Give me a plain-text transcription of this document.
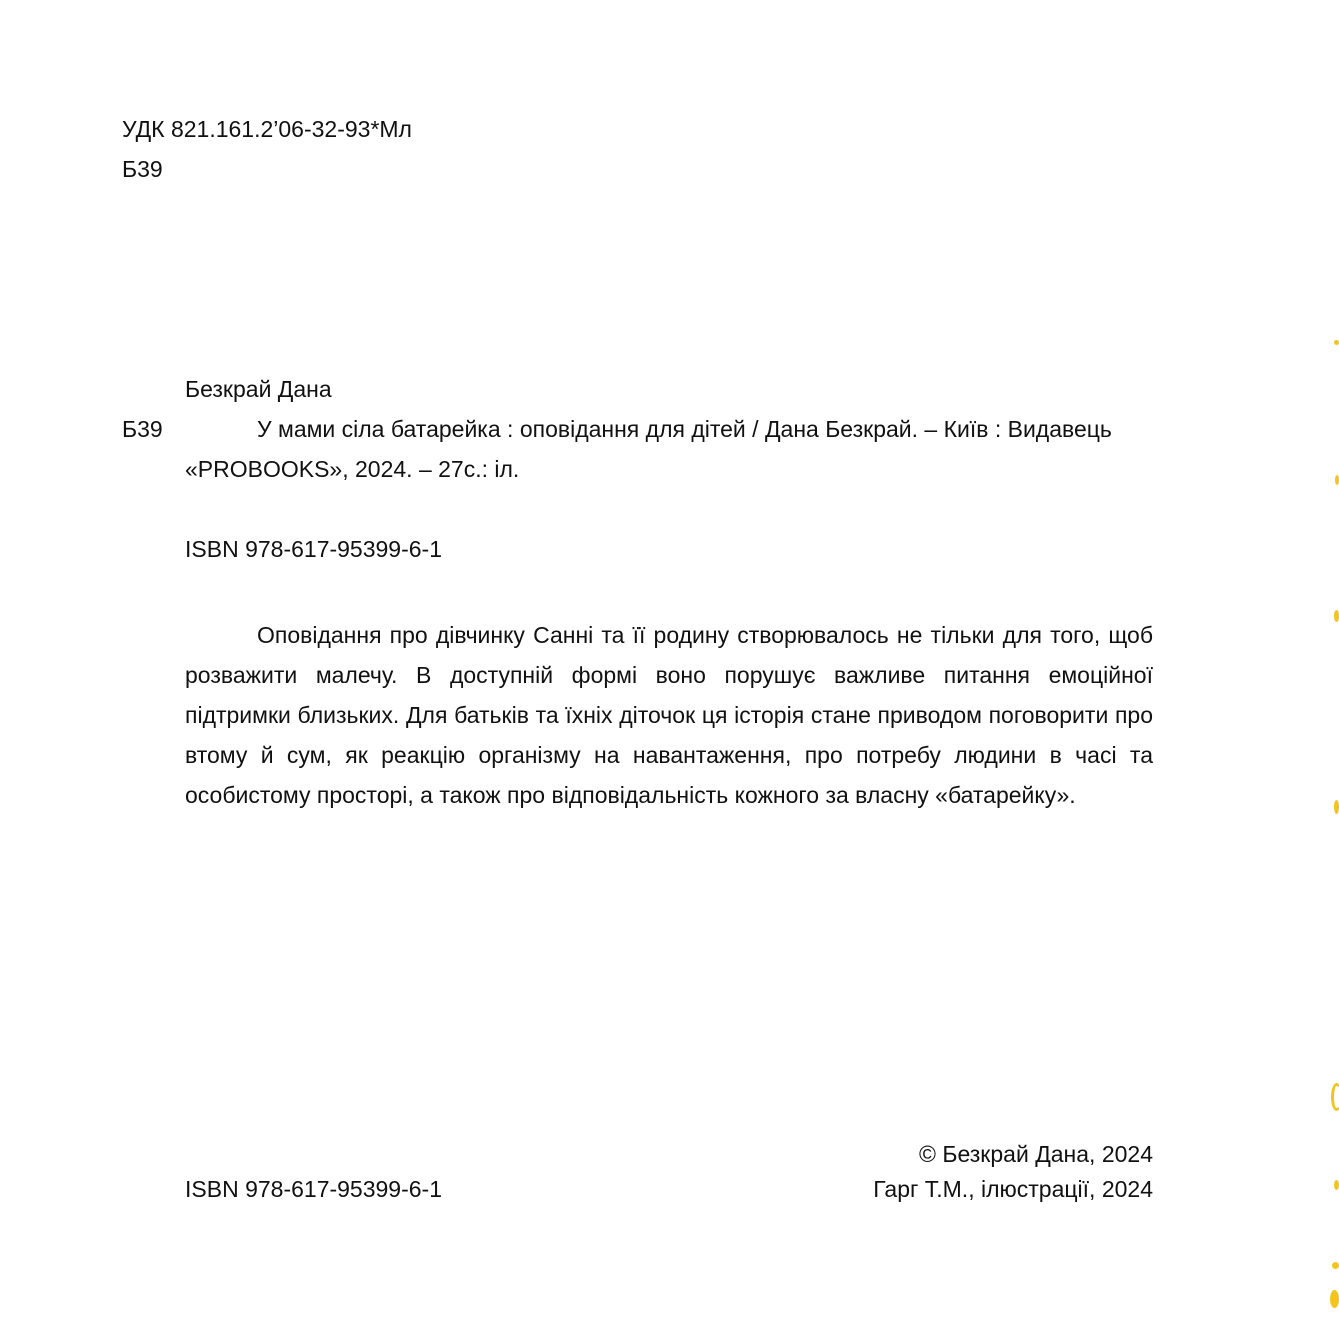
УДК 821.161.2’06-32-93*Мл
Б39
Безкрай Дана
Б39	У мами сіла батарейка : оповідання для дітей / Дана Безкрай. – Київ : Видавець
«PROBOOKS», 2024. – 27с.: іл.
ISBN 978-617-95399-6-1

Оповідання про дівчинку Санні та її родину створювалось не тільки для того, щоб розважити малечу. В доступній формі воно порушує важливе питання емоційної підтримки близьких. Для батьків та їхніх діточок ця історія стане приводом поговорити про втому й сум, як реакцію організму на навантаження, про потребу людини в часі та особистому просторі, а також про відповідальність кожного за власну «батарейку».

© Безкрай Дана, 2024
ISBN 978-617-95399-6-1	Гарг Т.М., ілюстрації, 2024
